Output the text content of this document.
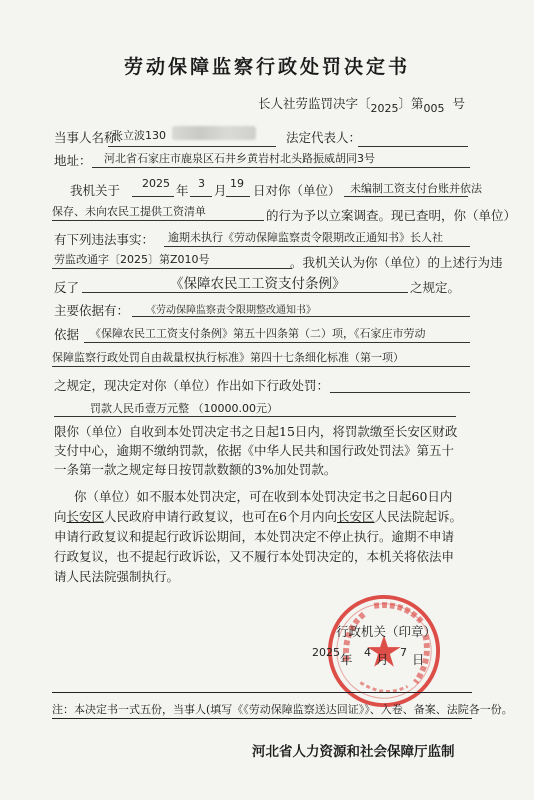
劳动保障监察行政处罚决定书
长人社劳监罚决字〔2025〕第005 号
当事人名称：
张立波130	法定代表人：
地址： 河北省石家庄市鹿泉区石井乡黄岩村北头路振威胡同3号
我机关于 2025 年 3 月 19 日对你（单位） 未编制工资支付台账并依法
保存、未向农民工提供工资清单	的行为予以立案调查。现已查明，你（单位）
有下列违法事实： 逾期未执行《劳动保障监察责令限期改正通知书》长人社
劳监改通字〔2025〕第Z010号	。我机关认为你（单位）的上述行为违
反了	《保障农民工工资支付条例》	之规定。
主要依据有： 《劳动保障监察责令限期整改通知书》
依据 《保障农民工工资支付条例》第五十四条第（二）项，《石家庄市劳动
保障监察行政处罚自由裁量权执行标准》第四十七条细化标准（第一项）
之规定，现决定对你（单位）作出如下行政处罚：
罚款人民币壹万元整 （10000.00元）
限你（单位）自收到本处罚决定书之日起15日内，将罚款缴至长安区财政
支付中心，逾期不缴纳罚款，依据《中华人民共和国行政处罚法》第五十
一条第一款之规定每日按罚款数额的3%加处罚款。
你（单位）如不服本处罚决定，可在收到本处罚决定书之日起60日内
向长安区人民政府申请行政复议，也可在6个月内向长安区人民法院起诉。
申请行政复议和提起行政诉讼期间，本处罚决定不停止执行。逾期不申请
行政复议，也不提起行政诉讼，又不履行本处罚决定的，本机关将依法申
请人民法院强制执行。
行政机关（印章）
2025 年 4 月 7 日
注：本决定书一式五份，当事人(填写《《劳动保障监察送达回证》》、入卷、备案、法院各一份。
河北省人力资源和社会保障厅监制
